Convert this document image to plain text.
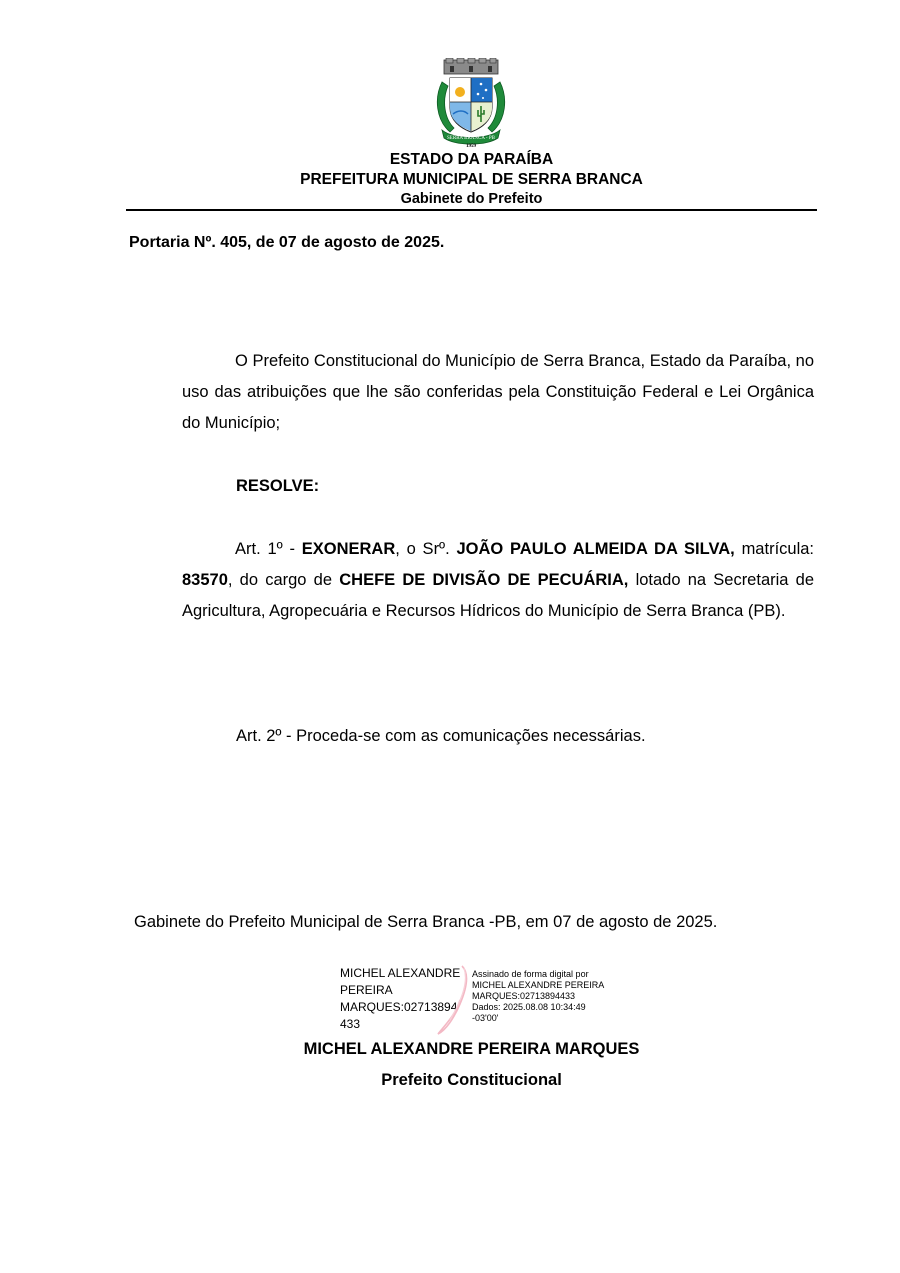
SERRA BRANCA - PB
1959
ESTADO DA PARAÍBA
PREFEITURA MUNICIPAL DE SERRA BRANCA
Gabinete do Prefeito
Portaria Nº. 405, de 07 de agosto de 2025.
O Prefeito Constitucional do Município de Serra Branca, Estado da Paraíba, no uso das atribuições que lhe são conferidas pela Constituição Federal e Lei Orgânica do Município;
RESOLVE:
Art. 1º - EXONERAR, o Srº. JOÃO PAULO ALMEIDA DA SILVA, matrícula: 83570, do cargo de CHEFE DE DIVISÃO DE PECUÁRIA, lotado na Secretaria de Agricultura, Agropecuária e Recursos Hídricos do Município de Serra Branca (PB).
Art. 2º - Proceda-se com as comunicações necessárias.
Gabinete do Prefeito Municipal de Serra Branca -PB, em 07 de agosto de 2025.
MICHEL ALEXANDRE
PEREIRA
MARQUES:02713894
433
Assinado de forma digital por
MICHEL ALEXANDRE PEREIRA
MARQUES:02713894433
Dados: 2025.08.08 10:34:49
-03'00'
MICHEL ALEXANDRE PEREIRA MARQUES
Prefeito Constitucional
